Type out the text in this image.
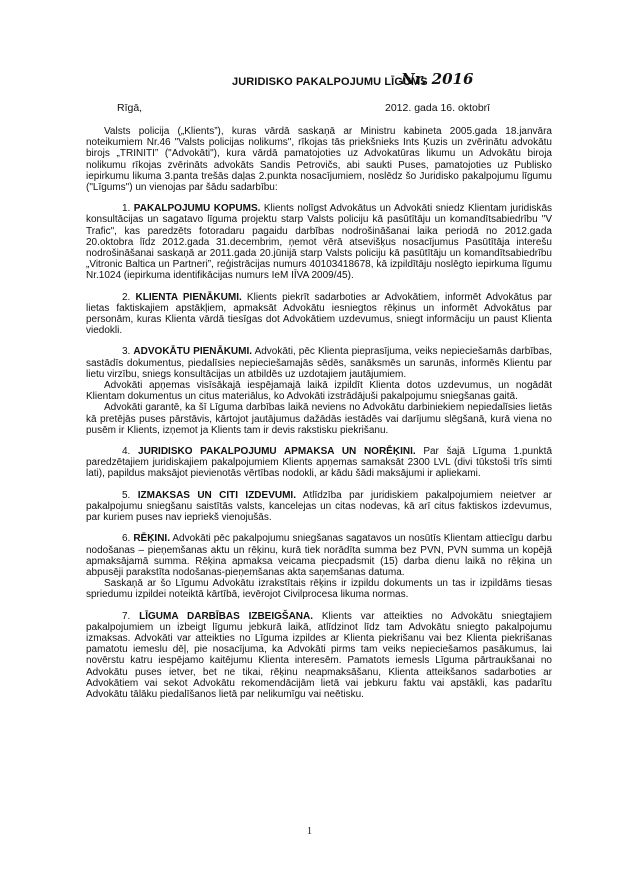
JURIDISKO PAKALPOJUMU LĪGUMS
Nr. 2016
Rīgā,	2012. gada 16. oktobrī

Valsts policija („Klients”), kuras vārdā saskaņā ar Ministru kabineta 2005.gada 18.janvāra noteikumiem Nr.46 "Valsts policijas nolikums", rīkojas tās priekšnieks Ints Ķuzis un zvērinātu advokātu birojs „TRINITI” ("Advokāti"), kura vārdā pamatojoties uz Advokatūras likumu un Advokātu biroja nolikumu rīkojas zvērināts advokāts Sandis Petrovičs, abi saukti Puses, pamatojoties uz Publisko iepirkumu likuma 3.panta trešās daļas 2.punkta nosacījumiem, noslēdz šo Juridisko pakalpojumu līgumu ("Līgums") un vienojas par šādu sadarbību:

1. PAKALPOJUMU KOPUMS. Klients nolīgst Advokātus un Advokāti sniedz Klientam juridiskās konsultācijas un sagatavo līguma projektu starp Valsts policiju kā pasūtītāju un komandītsabiedrību "V Trafic", kas paredzēts fotoradaru pagaidu darbības nodrošināšanai laika periodā no 2012.gada 20.oktobra līdz 2012.gada 31.decembrim, ņemot vērā atsevišķus nosacījumus Pasūtītāja interešu nodrošināšanai saskaņā ar 2011.gada 20.jūnijā starp Valsts policiju kā pasūtītāju un komandītsabiedrību „Vitronic Baltica un Partneri”, reģistrācijas numurs 40103418678, kā izpildītāju noslēgto iepirkuma līgumu Nr.1024 (iepirkuma identifikācijas numurs IeM IĪVA 2009/45).

2. KLIENTA PIENĀKUMI. Klients piekrīt sadarboties ar Advokātiem, informēt Advokātus par lietas faktiskajiem apstākļiem, apmaksāt Advokātu iesniegtos rēķinus un informēt Advokātus par personām, kuras Klienta vārdā tiesīgas dot Advokātiem uzdevumus, sniegt informāciju un paust Klienta viedokli.

3. ADVOKĀTU PIENĀKUMI. Advokāti, pēc Klienta pieprasījuma, veiks nepieciešamās darbības, sastādīs dokumentus, piedalīsies nepieciešamajās sēdēs, sanāksmēs un sarunās, informēs Klientu par lietu virzību, sniegs konsultācijas un atbildēs uz uzdotajiem jautājumiem.

Advokāti apņemas visīsākajā iespējamajā laikā izpildīt Klienta dotos uzdevumus, un nogādāt Klientam dokumentus un citus materiālus, ko Advokāti izstrādājuši pakalpojumu sniegšanas gaitā.

Advokāti garantē, ka šī Līguma darbības laikā neviens no Advokātu darbiniekiem nepiedalīsies lietās kā pretējās puses pārstāvis, kārtojot jautājumus dažādās iestādēs vai darījumu slēgšanā, kurā viena no pusēm ir Klients, izņemot ja Klients tam ir devis rakstisku piekrišanu.

4. JURIDISKO PAKALPOJUMU APMAKSA UN NORĒĶINI. Par šajā Līguma 1.punktā paredzētajiem juridiskajiem pakalpojumiem Klients apņemas samaksāt 2300 LVL (divi tūkstoši trīs simti lati), papildus maksājot pievienotās vērtības nodokli, ar kādu šādi maksājumi ir apliekami.

5. IZMAKSAS UN CITI IZDEVUMI. Atlīdzība par juridiskiem pakalpojumiem neietver ar pakalpojumu sniegšanu saistītās valsts, kancelejas un citas nodevas, kā arī citus faktiskos izdevumus, par kuriem puses nav iepriekš vienojušās.

6. RĒĶINI. Advokāti pēc pakalpojumu sniegšanas sagatavos un nosūtīs Klientam attiecīgu darbu nodošanas – pieņemšanas aktu un rēķinu, kurā tiek norādīta summa bez PVN, PVN summa un kopējā apmaksājamā summa. Rēķina apmaksa veicama piecpadsmit (15) darba dienu laikā no rēķina un abpusēji parakstīta nodošanas-pieņemšanas akta saņemšanas datuma.

Saskaņā ar šo Līgumu Advokātu izrakstītais rēķins ir izpildu dokuments un tas ir izpildāms tiesas spriedumu izpildei noteiktā kārtībā, ievērojot Civilprocesa likuma normas.

7. LĪGUMA DARBĪBAS IZBEIGŠANA. Klients var atteikties no Advokātu sniegtajiem pakalpojumiem un izbeigt līgumu jebkurā laikā, atlīdzinot līdz tam Advokātu sniegto pakalpojumu izmaksas. Advokāti var atteikties no Līguma izpildes ar Klienta piekrišanu vai bez Klienta piekrišanas pamatotu iemeslu dēļ, pie nosacījuma, ka Advokāti pirms tam veiks nepieciešamos pasākumus, lai novērstu katru iespējamo kaitējumu Klienta interesēm. Pamatots iemesls Līguma pārtraukšanai no Advokātu puses ietver, bet ne tikai, rēķinu neapmaksāšanu, Klienta atteikšanos sadarboties ar Advokātiem vai sekot Advokātu rekomendācijām lietā vai jebkuru faktu vai apstākli, kas padarītu Advokātu tālāku piedalīšanos lietā par nelikumīgu vai neētisku.

1
